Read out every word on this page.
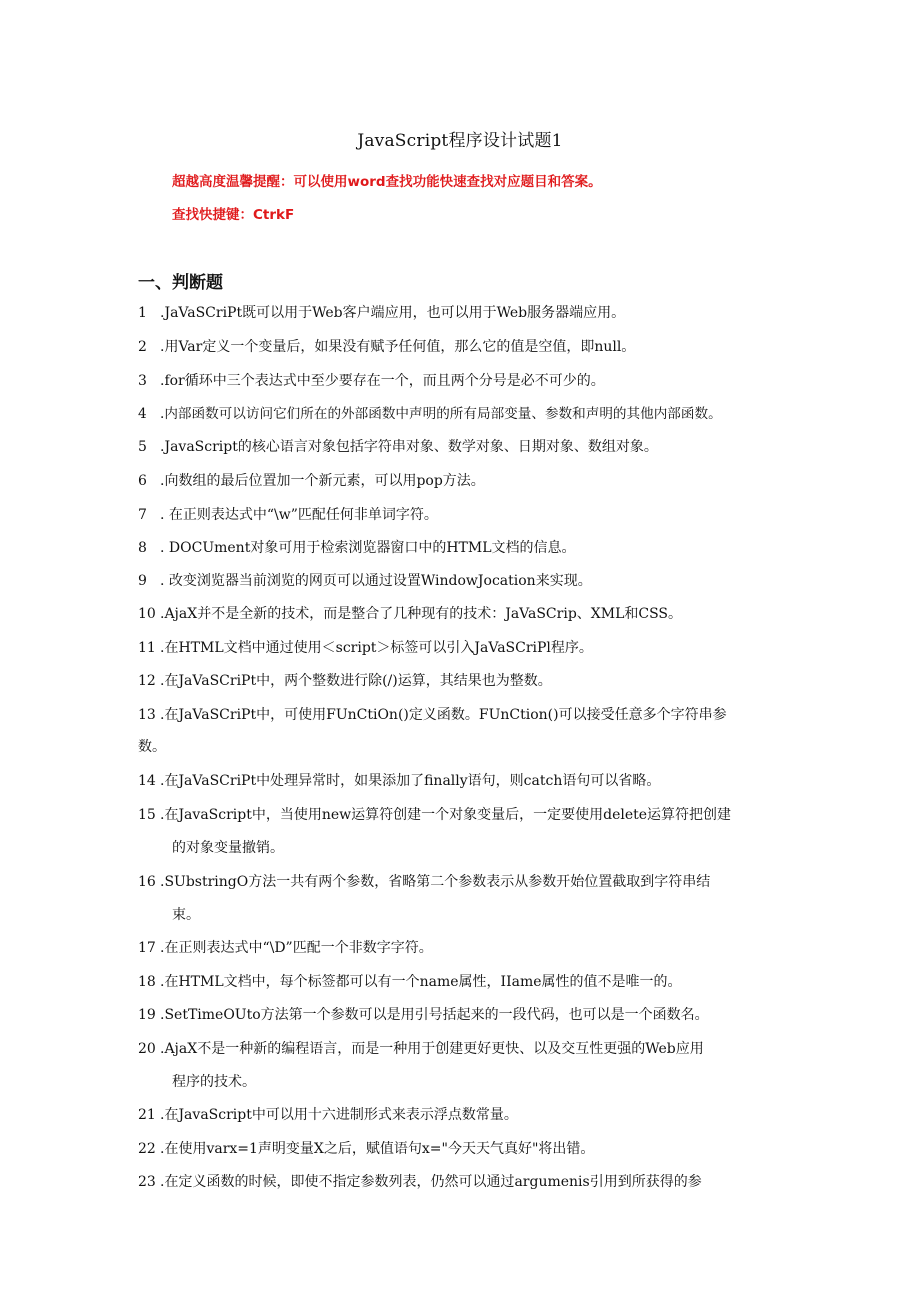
JavaScript程序设计试题1
超越高度温馨提醒：可以使用word查找功能快速查找对应题目和答案。
查找快捷键：CtrkF
一、判断题
1 .JaVaSCriPt既可以用于Web客户端应用，也可以用于Web服务器端应用。
2 .用Var定义一个变量后，如果没有赋予任何值，那么它的值是空值，即null。
3 .for循环中三个表达式中至少要存在一个，而且两个分号是必不可少的。
4 .内部函数可以访问它们所在的外部函数中声明的所有局部变量、参数和声明的其他内部函数。
5 .JavaScript的核心语言对象包括字符串对象、数学对象、日期对象、数组对象。
6 .向数组的最后位置加一个新元素，可以用pop方法。
7 . 在正则表达式中“\w”匹配任何非单词字符。
8 . DOCUment对象可用于检索浏览器窗口中的HTML文档的信息。
9 . 改变浏览器当前浏览的网页可以通过设置WindowJocation来实现。
10 .AjaX并不是全新的技术，而是整合了几种现有的技术：JaVaSCrip、XML和CSS。
11 .在HTML文档中通过使用＜script＞标签可以引入JaVaSCriPl程序。
12 .在JaVaSCriPt中，两个整数进行除(/)运算，其结果也为整数。
13 .在JaVaSCriPt中，可使用FUnCtiOn()定义函数。FUnCtion()可以接受任意多个字符串参
数。
14 .在JaVaSCriPt中处理异常时，如果添加了finally语句，则catch语句可以省略。
15 .在JavaScript中，当使用new运算符创建一个对象变量后，一定要使用delete运算符把创建
的对象变量撤销。
16 .SUbstringO方法一共有两个参数，省略第二个参数表示从参数开始位置截取到字符串结
束。
17 .在正则表达式中“\D”匹配一个非数字字符。
18 .在HTML文档中，每个标签都可以有一个name属性，IIame属性的值不是唯一的。
19 .SetTimeOUto方法第一个参数可以是用引号括起来的一段代码，也可以是一个函数名。
20 .AjaX不是一种新的编程语言，而是一种用于创建更好更快、以及交互性更强的Web应用
程序的技术。
21 .在JavaScript中可以用十六进制形式来表示浮点数常量。
22 .在使用varx=1声明变量X之后，赋值语句x="今天天气真好"将出错。
23 .在定义函数的时候，即使不指定参数列表，仍然可以通过argumenis引用到所获得的参
